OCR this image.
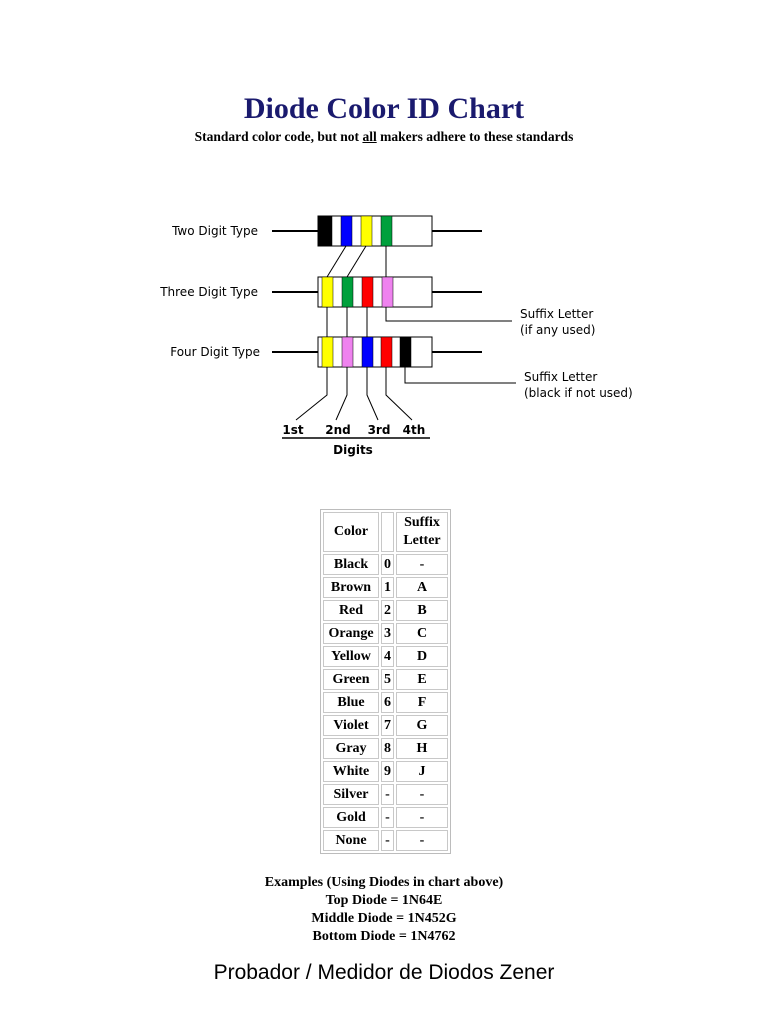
Diode Color ID Chart
Standard color code, but not all makers adhere to these standards
Two Digit Type
Three Digit Type
Four Digit Type
Suffix Letter
(if any used)
Suffix Letter
(black if not used)
1st 2nd 3rd 4th
Digits
Color		Suffix
Letter
Black	0	-
Brown	1	A
Red	2	B
Orange	3	C
Yellow	4	D
Green	5	E
Blue	6	F
Violet	7	G
Gray	8	H
White	9	J
Silver	-	-
Gold	-	-
None	-	-
Examples (Using Diodes in chart above)
Top Diode = 1N64E
Middle Diode = 1N452G
Bottom Diode = 1N4762
Probador / Medidor de Diodos Zener
